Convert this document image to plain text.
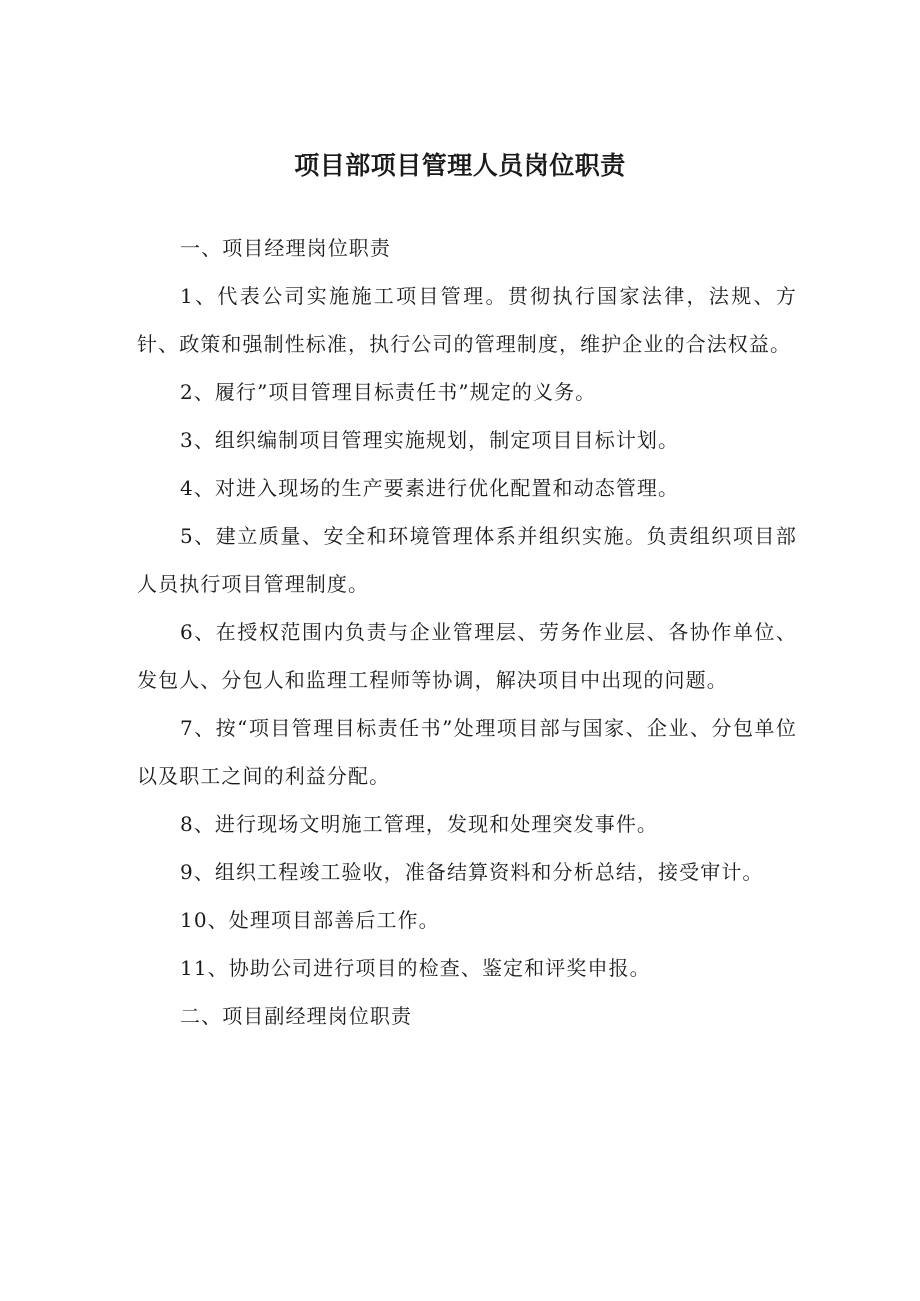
项目部项目管理人员岗位职责

一、项目经理岗位职责

1、代表公司实施施工项目管理。贯彻执行国家法律，法规、方针、政策和强制性标准，执行公司的管理制度，维护企业的合法权益。

2、履行”项目管理目标责任书”规定的义务。

3、组织编制项目管理实施规划，制定项目目标计划。

4、对进入现场的生产要素进行优化配置和动态管理。

5、建立质量、安全和环境管理体系并组织实施。负责组织项目部人员执行项目管理制度。

6、在授权范围内负责与企业管理层、劳务作业层、各协作单位、发包人、分包人和监理工程师等协调，解决项目中出现的问题。

7、按“项目管理目标责任书”处理项目部与国家、企业、分包单位以及职工之间的利益分配。

8、进行现场文明施工管理，发现和处理突发事件。

9、组织工程竣工验收，准备结算资料和分析总结，接受审计。

10、处理项目部善后工作。

11、协助公司进行项目的检查、鉴定和评奖申报。

二、项目副经理岗位职责
